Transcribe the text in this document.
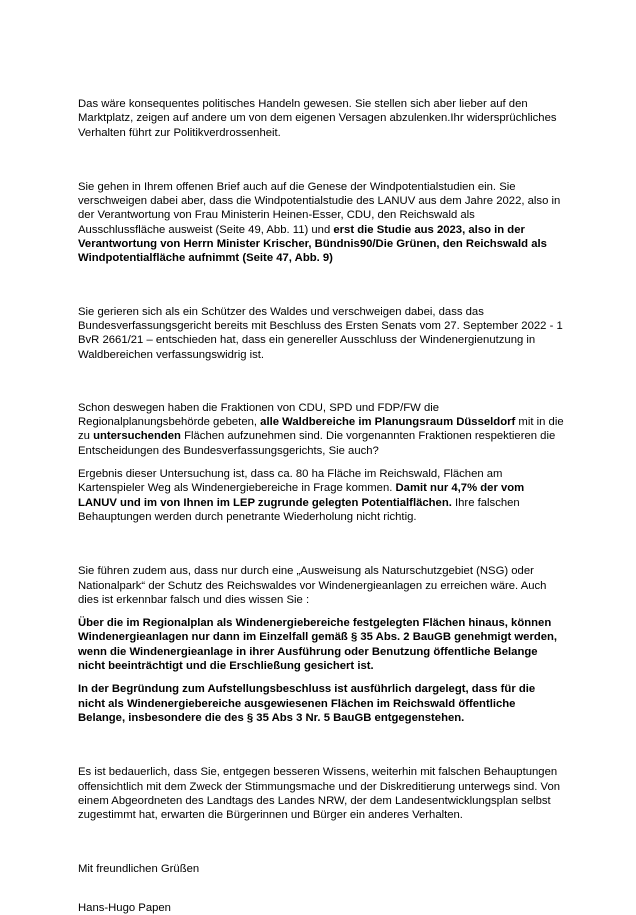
Das wäre konsequentes politisches Handeln gewesen. Sie stellen sich aber lieber auf den Marktplatz, zeigen auf andere um von dem eigenen Versagen abzulenken.Ihr widersprüchliches Verhalten führt zur Politikverdrossenheit.

Sie gehen in Ihrem offenen Brief auch auf die Genese der Windpotentialstudien ein. Sie verschweigen dabei aber, dass die Windpotentialstudie des LANUV aus dem Jahre 2022, also in der Verantwortung von Frau Ministerin Heinen-Esser, CDU, den Reichswald als Ausschlussfläche ausweist (Seite 49, Abb. 11) und erst die Studie aus 2023, also in der Verantwortung von Herrn Minister Krischer, Bündnis90/Die Grünen, den Reichswald als Windpotentialfläche aufnimmt (Seite 47, Abb. 9)

Sie gerieren sich als ein Schützer des Waldes und verschweigen dabei, dass das Bundesverfassungsgericht bereits mit Beschluss des Ersten Senats vom 27. September 2022 - 1 BvR 2661/21 – entschieden hat, dass ein genereller Ausschluss der Windenergienutzung in Waldbereichen verfassungswidrig ist.

Schon deswegen haben die Fraktionen von CDU, SPD und FDP/FW die Regionalplanungsbehörde gebeten, alle Waldbereiche im Planungsraum Düsseldorf mit in die zu untersuchenden Flächen aufzunehmen sind. Die vorgenannten Fraktionen respektieren die Entscheidungen des Bundesverfassungsgerichts, Sie auch?

Ergebnis dieser Untersuchung ist, dass ca. 80 ha Fläche im Reichswald, Flächen am Kartenspieler Weg als Windenergiebereiche in Frage kommen. Damit nur 4,7% der vom LANUV und im von Ihnen im LEP zugrunde gelegten Potentialflächen. Ihre falschen Behauptungen werden durch penetrante Wiederholung nicht richtig.

Sie führen zudem aus, dass nur durch eine „Ausweisung als Naturschutzgebiet (NSG) oder Nationalpark“ der Schutz des Reichswaldes vor Windenergieanlagen zu erreichen wäre. Auch dies ist erkennbar falsch und dies wissen Sie :

Über die im Regionalplan als Windenergiebereiche festgelegten Flächen hinaus, können Windenergieanlagen nur dann im Einzelfall gemäß § 35 Abs. 2 BauGB genehmigt werden, wenn die Windenergieanlage in ihrer Ausführung oder Benutzung öffentliche Belange nicht beeinträchtigt und die Erschließung gesichert ist.

In der Begründung zum Aufstellungsbeschluss ist ausführlich dargelegt, dass für die nicht als Windenergiebereiche ausgewiesenen Flächen im Reichswald öffentliche Belange, insbesondere die des § 35 Abs 3 Nr. 5 BauGB entgegenstehen.

Es ist bedauerlich, dass Sie, entgegen besseren Wissens, weiterhin mit falschen Behauptungen offensichtlich mit dem Zweck der Stimmungsmache und der Diskreditierung unterwegs sind. Von einem Abgeordneten des Landtags des Landes NRW, der dem Landesentwicklungsplan selbst zugestimmt hat, erwarten die Bürgerinnen und Bürger ein anderes Verhalten.

Mit freundlichen Grüßen

Hans-Hugo Papen
